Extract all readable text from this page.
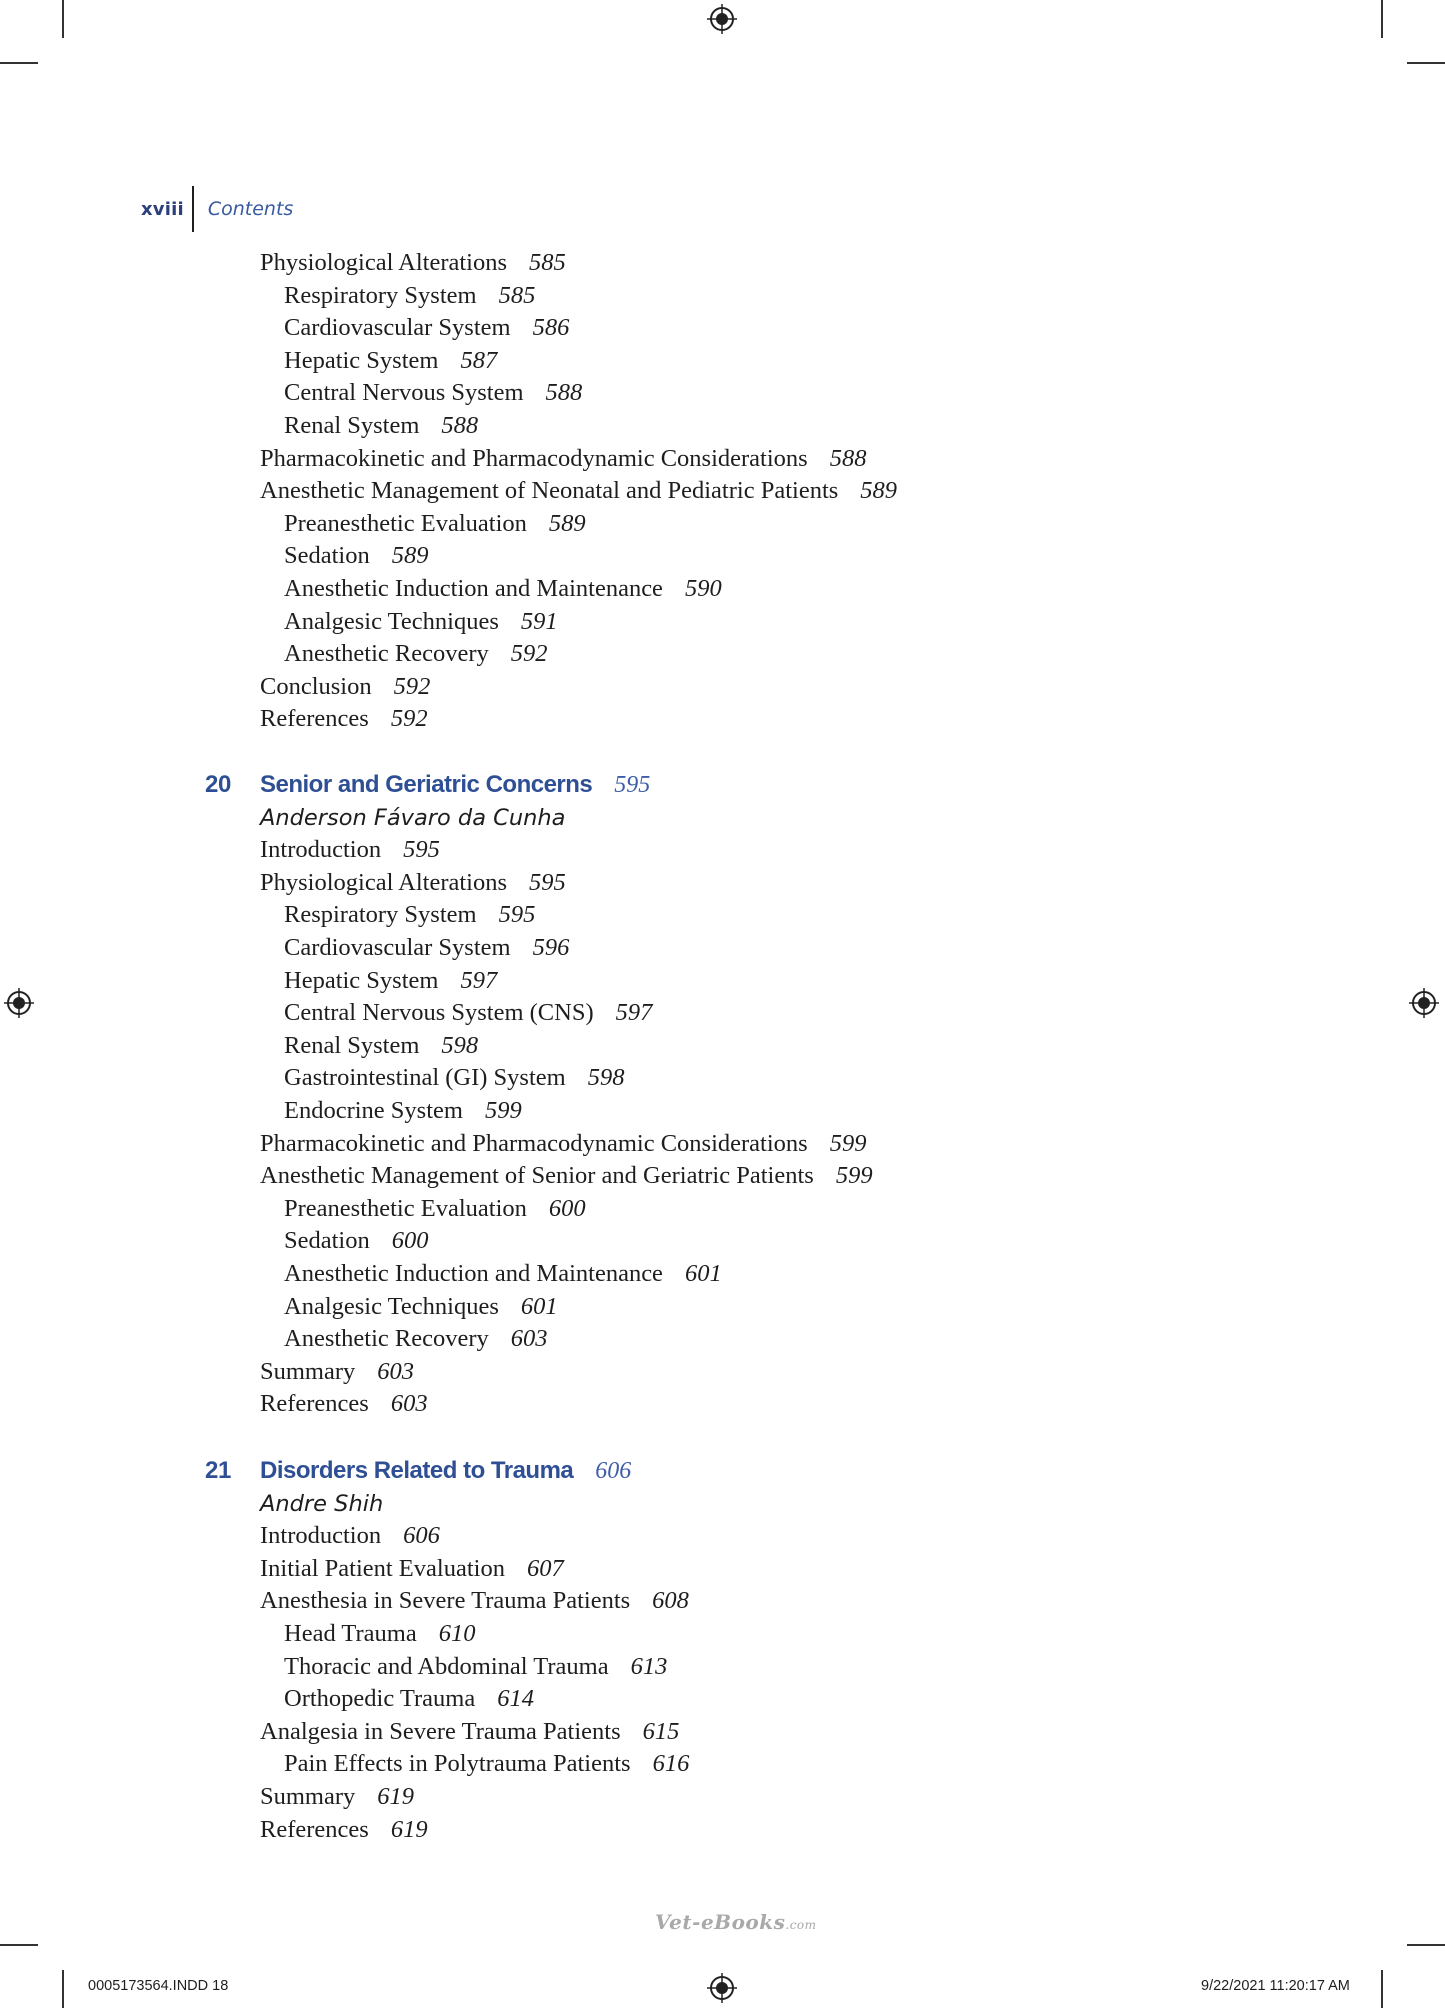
xviii	Contents
Physiological Alterations 585
Respiratory System 585
Cardiovascular System 586
Hepatic System 587
Central Nervous System 588
Renal System 588
Pharmacokinetic and Pharmacodynamic Considerations 588
Anesthetic Management of Neonatal and Pediatric Patients 589
Preanesthetic Evaluation 589
Sedation 589
Anesthetic Induction and Maintenance 590
Analgesic Techniques 591
Anesthetic Recovery 592
Conclusion 592
References 592
20	Senior and Geriatric Concerns 595
Anderson Fávaro da Cunha
Introduction 595
Physiological Alterations 595
Respiratory System 595
Cardiovascular System 596
Hepatic System 597
Central Nervous System (CNS) 597
Renal System 598
Gastrointestinal (GI) System 598
Endocrine System 599
Pharmacokinetic and Pharmacodynamic Considerations 599
Anesthetic Management of Senior and Geriatric Patients 599
Preanesthetic Evaluation 600
Sedation 600
Anesthetic Induction and Maintenance 601
Analgesic Techniques 601
Anesthetic Recovery 603
Summary 603
References 603
21	Disorders Related to Trauma 606
Andre Shih
Introduction 606
Initial Patient Evaluation 607
Anesthesia in Severe Trauma Patients 608
Head Trauma 610
Thoracic and Abdominal Trauma 613
Orthopedic Trauma 614
Analgesia in Severe Trauma Patients 615
Pain Effects in Polytrauma Patients 616
Summary 619
References 619
Vet-eBooks.com
0005173564.INDD 18	9/22/2021 11:20:17 AM
